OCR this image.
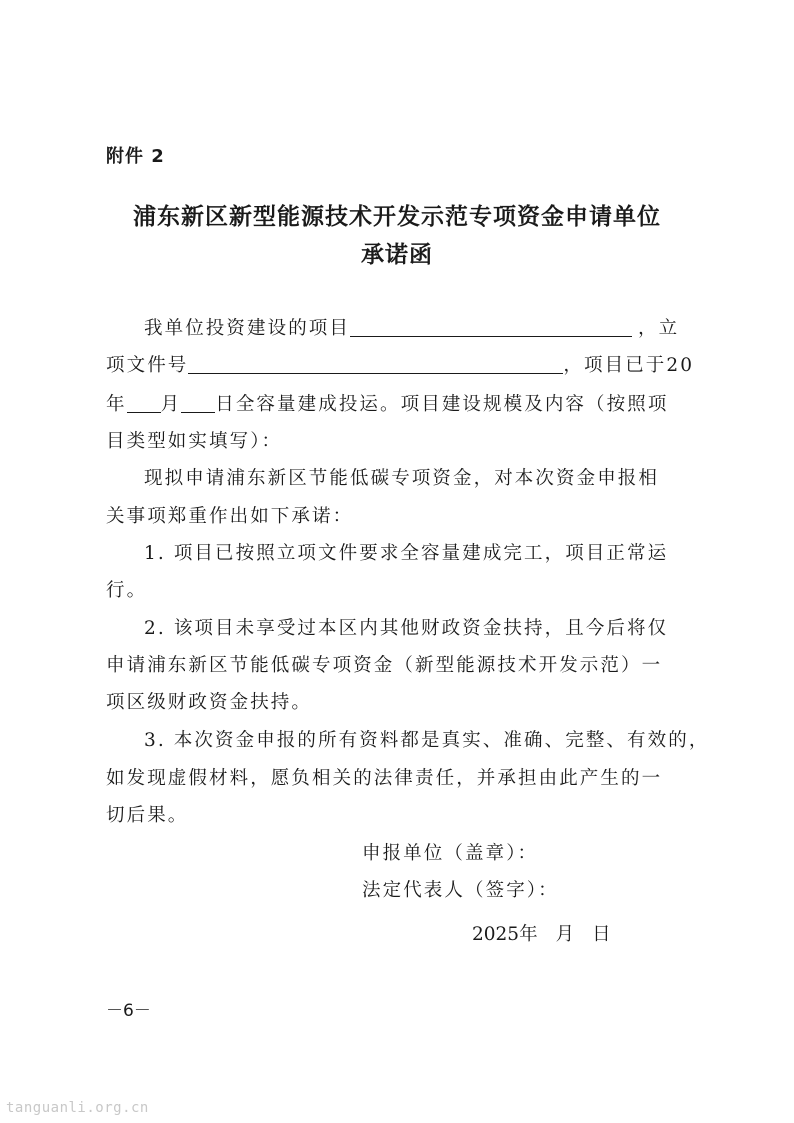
附件 2
浦东新区新型能源技术开发示范专项资金申请单位
承诺函
我单位投资建设的项目	，立
项文件号	，项目已于20
年 月 日全容量建成投运。项目建设规模及内容（按照项
目类型如实填写）：
现拟申请浦东新区节能低碳专项资金，对本次资金申报相
关事项郑重作出如下承诺：
1. 项目已按照立项文件要求全容量建成完工，项目正常运
行。
2. 该项目未享受过本区内其他财政资金扶持，且今后将仅
申请浦东新区节能低碳专项资金（新型能源技术开发示范）一
项区级财政资金扶持。
3. 本次资金申报的所有资料都是真实、准确、完整、有效的，
如发现虚假材料，愿负相关的法律责任，并承担由此产生的一
切后果。
申报单位（盖章）：
法定代表人（签字）：
2025年 月 日
－6－
tanguanli.org.cn
